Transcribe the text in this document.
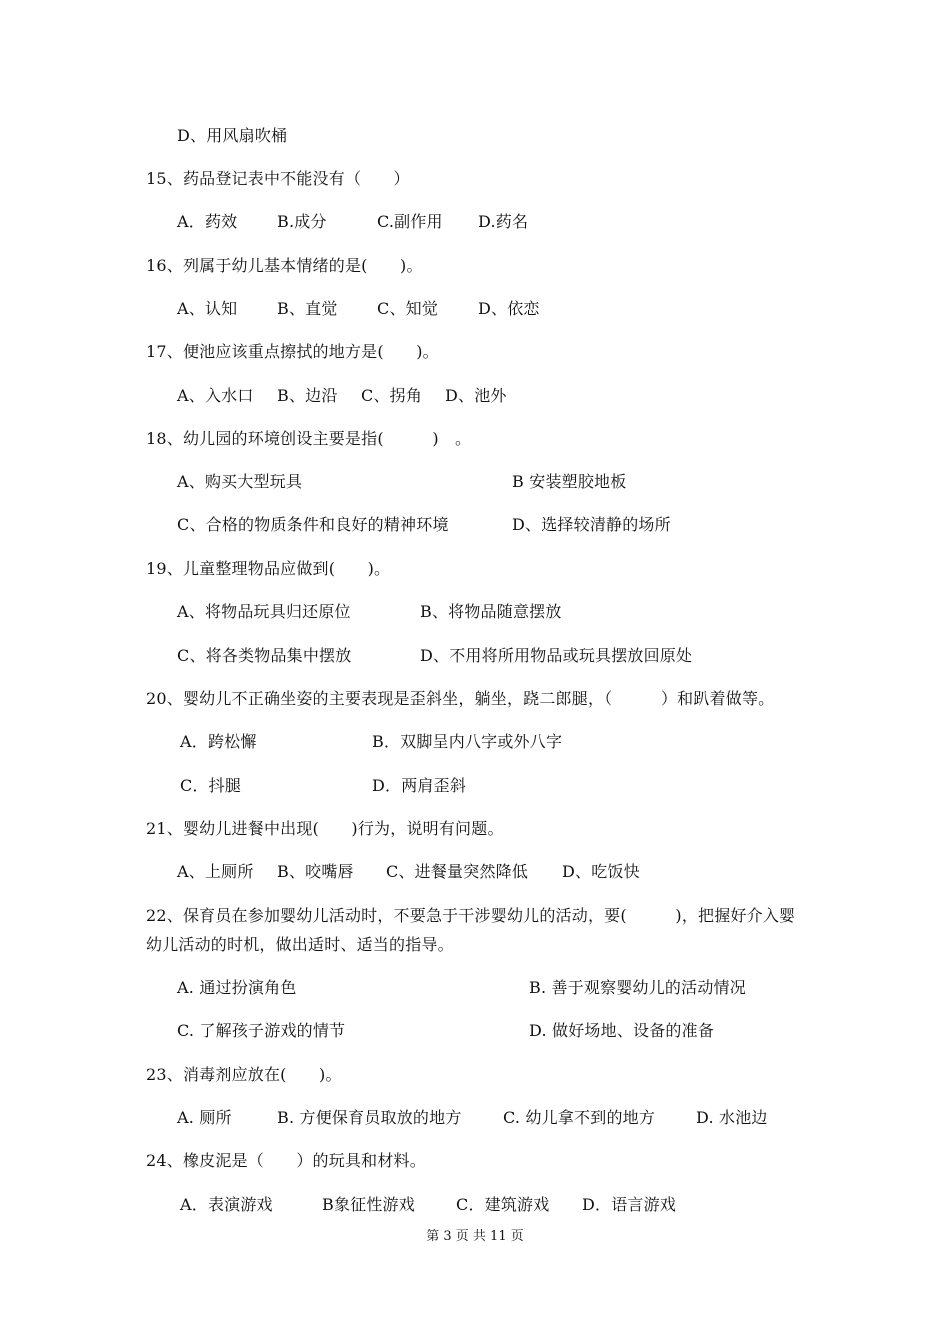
D、用风扇吹桶
15、药品登记表中不能没有（　　）
A．药效 B.成分	C.副作用 D.药名
16、列属于幼儿基本情绪的是(　　)。
A、认知 B、直觉 C、知觉 D、依恋
17、便池应该重点擦拭的地方是(　　)。
A、入水口 B、边沿 C、拐角 D、池外
18、幼儿园的环境创设主要是指(　　　)　。
A、购买大型玩具	B 安装塑胶地板
C、合格的物质条件和良好的精神环境	D、选择较清静的场所
19、儿童整理物品应做到(　　)。
A、将物品玩具归还原位	B、将物品随意摆放
C、将各类物品集中摆放	D、不用将所用物品或玩具摆放回原处
20、婴幼儿不正确坐姿的主要表现是歪斜坐，躺坐，跷二郎腿，（　　　）和趴着做等。
A．跨松懈	B．双脚呈内八字或外八字
C．抖腿	D．两肩歪斜
21、婴幼儿进餐中出现(　　)行为，说明有问题。
A、上厕所 B、咬嘴唇 C、进餐量突然降低 D、吃饭快
22、保育员在参加婴幼儿活动时，不要急于干涉婴幼儿的活动，要(　　　)，把握好介入婴
幼儿活动的时机，做出适时、适当的指导。
A. 通过扮演角色	B. 善于观察婴幼儿的活动情况
C. 了解孩子游戏的情节	D. 做好场地、设备的准备
23、消毒剂应放在(　　)。
A. 厕所	B. 方便保育员取放的地方	C. 幼儿拿不到的地方	D. 水池边
24、橡皮泥是（　　）的玩具和材料。
A．表演游戏	B象征性游戏	C．建筑游戏 D．语言游戏
第 3 页 共 11 页
